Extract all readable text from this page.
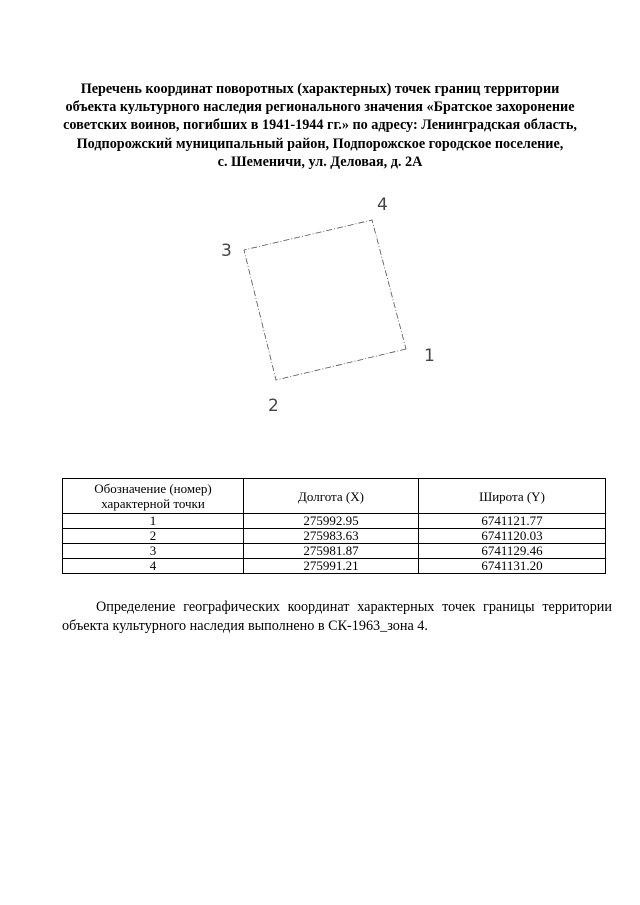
Перечень координат поворотных (характерных) точек границ территории
объекта культурного наследия регионального значения «Братское захоронение
советских воинов, погибших в 1941-1944 гг.» по адресу: Ленинградская область,
Подпорожский муниципальный район, Подпорожское городское поселение,
с. Шеменичи, ул. Деловая, д. 2А
1
2
3
4
Обозначение (номер) характерной точки	Долгота (X)	Широта (Y)
1	275992.95	6741121.77
2	275983.63	6741120.03
3	275981.87	6741129.46
4	275991.21	6741131.20

Определение географических координат характерных точек границы территории объекта культурного наследия выполнено в СК-1963_зона 4.
